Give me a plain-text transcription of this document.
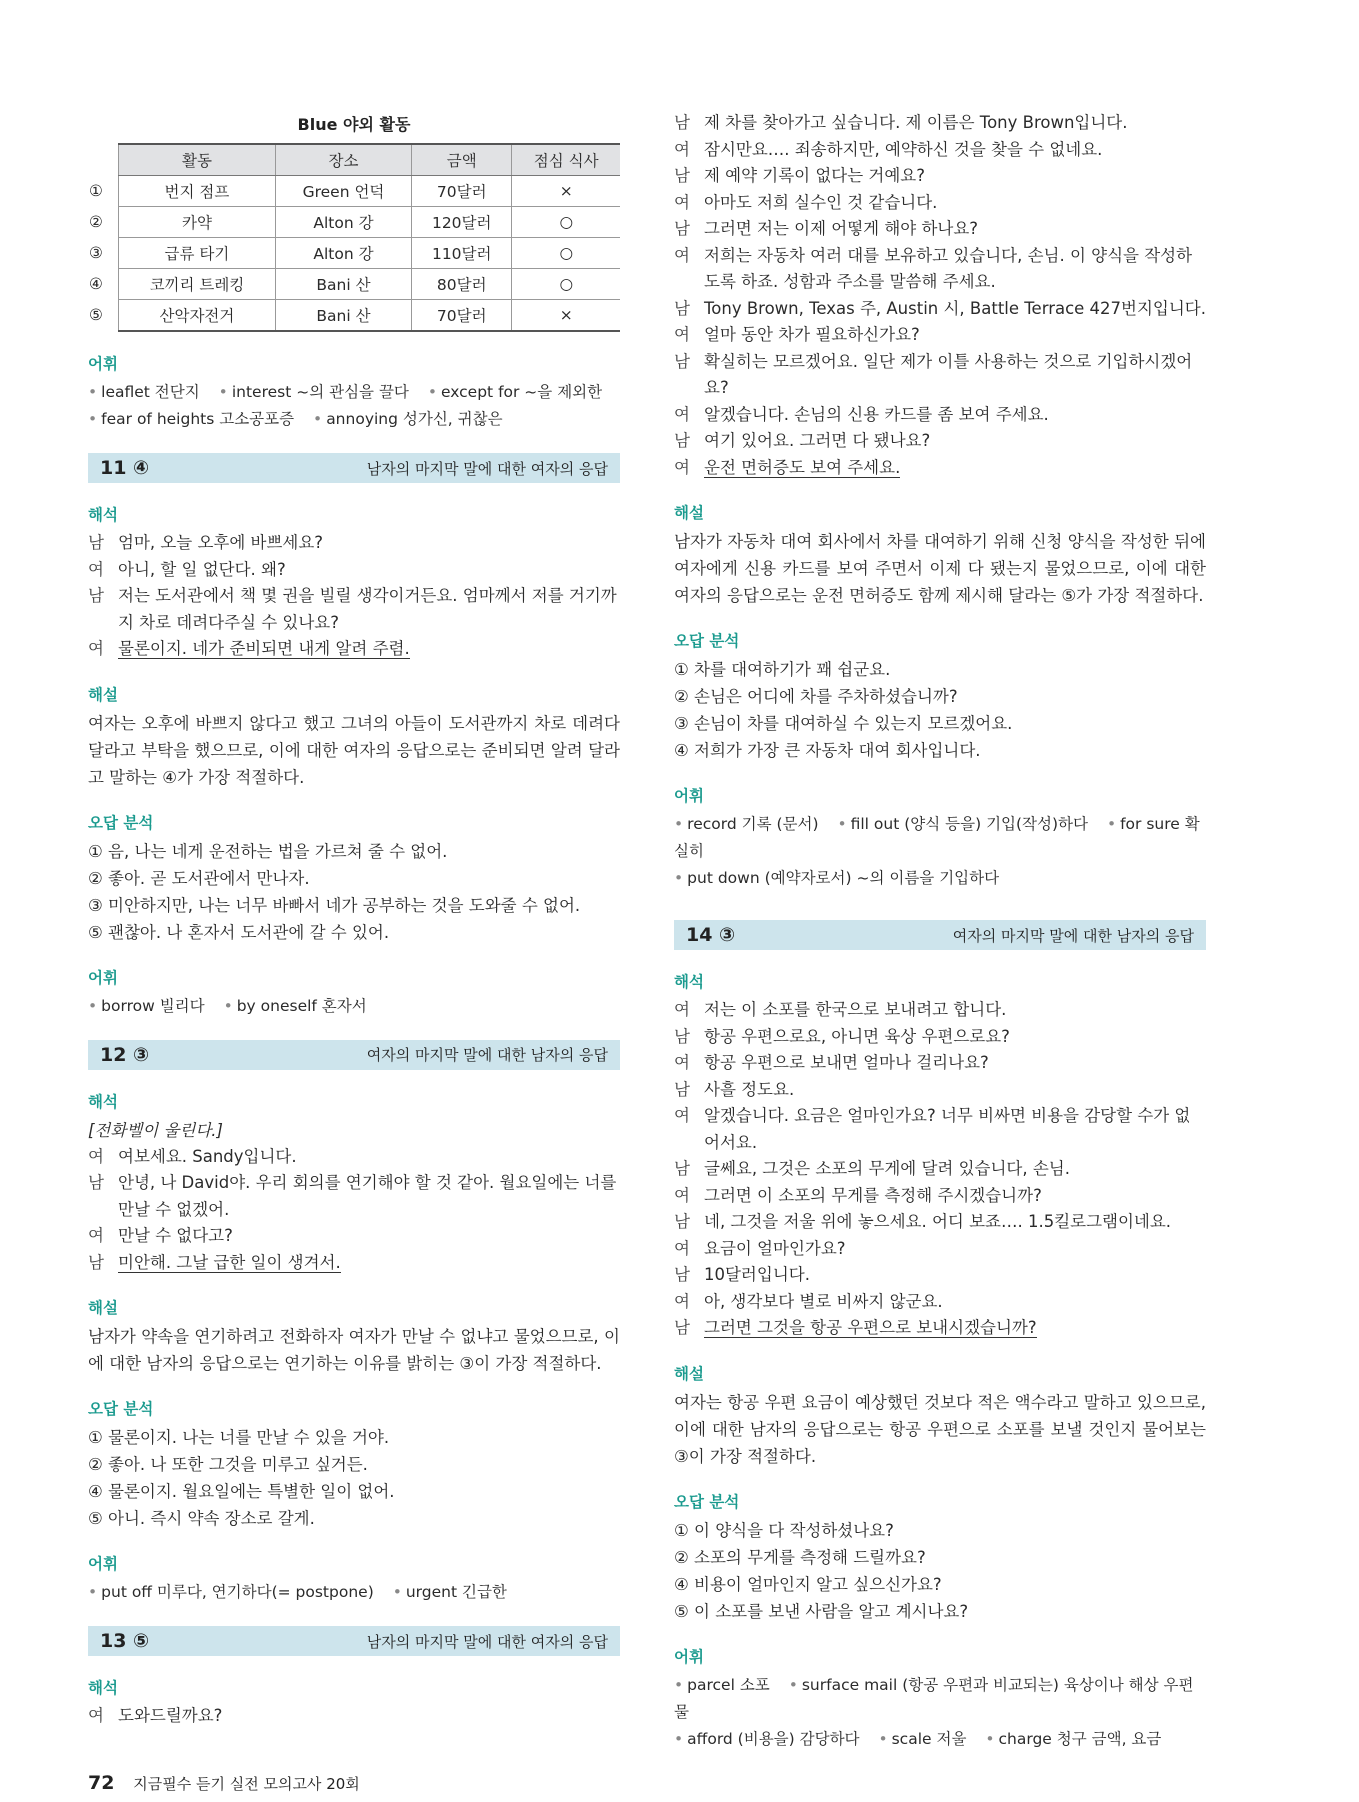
Blue 야외 활동
	활동	장소	금액	점심 식사
①	번지 점프	Green 언덕	70달러	×
②	카약	Alton 강	120달러	○
③	급류 타기	Alton 강	110달러	○
④	코끼리 트레킹	Bani 산	80달러	○
⑤	산악자전거	Bani 산	70달러	×
어휘
• leaflet 전단지 • interest ~의 관심을 끌다 • except for ~을 제외한
• fear of heights 고소공포증 • annoying 성가신, 귀찮은
11 ④	남자의 마지막 말에 대한 여자의 응답
해석
남 엄마, 오늘 오후에 바쁘세요?
여 아니, 할 일 없단다. 왜?
남 저는 도서관에서 책 몇 권을 빌릴 생각이거든요. 엄마께서 저를 거기까지 차로 데려다주실 수 있나요?
여 물론이지. 네가 준비되면 내게 알려 주렴.
해설
여자는 오후에 바쁘지 않다고 했고 그녀의 아들이 도서관까지 차로 데려다 달라고 부탁을 했으므로, 이에 대한 여자의 응답으로는 준비되면 알려 달라고 말하는 ④가 가장 적절하다.
오답 분석
① 음, 나는 네게 운전하는 법을 가르쳐 줄 수 없어.
② 좋아. 곧 도서관에서 만나자.
③ 미안하지만, 나는 너무 바빠서 네가 공부하는 것을 도와줄 수 없어.
⑤ 괜찮아. 나 혼자서 도서관에 갈 수 있어.
어휘
• borrow 빌리다 • by oneself 혼자서
12 ③	여자의 마지막 말에 대한 남자의 응답
해석
[전화벨이 울린다.]
여 여보세요. Sandy입니다.
남 안녕, 나 David야. 우리 회의를 연기해야 할 것 같아. 월요일에는 너를 만날 수 없겠어.
여 만날 수 없다고?
남 미안해. 그날 급한 일이 생겨서.
해설
남자가 약속을 연기하려고 전화하자 여자가 만날 수 없냐고 물었으므로, 이에 대한 남자의 응답으로는 연기하는 이유를 밝히는 ③이 가장 적절하다.
오답 분석
① 물론이지. 나는 너를 만날 수 있을 거야.
② 좋아. 나 또한 그것을 미루고 싶거든.
④ 물론이지. 월요일에는 특별한 일이 없어.
⑤ 아니. 즉시 약속 장소로 갈게.
어휘
• put off 미루다, 연기하다(= postpone) • urgent 긴급한
13 ⑤	남자의 마지막 말에 대한 여자의 응답
해석
여 도와드릴까요?
남 제 차를 찾아가고 싶습니다. 제 이름은 Tony Brown입니다.
여 잠시만요…. 죄송하지만, 예약하신 것을 찾을 수 없네요.
남 제 예약 기록이 없다는 거예요?
여 아마도 저희 실수인 것 같습니다.
남 그러면 저는 이제 어떻게 해야 하나요?
여 저희는 자동차 여러 대를 보유하고 있습니다, 손님. 이 양식을 작성하도록 하죠. 성함과 주소를 말씀해 주세요.
남 Tony Brown, Texas 주, Austin 시, Battle Terrace 427번지입니다.
여 얼마 동안 차가 필요하신가요?
남 확실히는 모르겠어요. 일단 제가 이틀 사용하는 것으로 기입하시겠어요?
여 알겠습니다. 손님의 신용 카드를 좀 보여 주세요.
남 여기 있어요. 그러면 다 됐나요?
여 운전 면허증도 보여 주세요.
해설
남자가 자동차 대여 회사에서 차를 대여하기 위해 신청 양식을 작성한 뒤에 여자에게 신용 카드를 보여 주면서 이제 다 됐는지 물었으므로, 이에 대한 여자의 응답으로는 운전 면허증도 함께 제시해 달라는 ⑤가 가장 적절하다.
오답 분석
① 차를 대여하기가 꽤 쉽군요.
② 손님은 어디에 차를 주차하셨습니까?
③ 손님이 차를 대여하실 수 있는지 모르겠어요.
④ 저희가 가장 큰 자동차 대여 회사입니다.
어휘
• record 기록 (문서) • fill out (양식 등을) 기입(작성)하다 • for sure 확실히
• put down (예약자로서) ~의 이름을 기입하다
14 ③	여자의 마지막 말에 대한 남자의 응답
해석
여 저는 이 소포를 한국으로 보내려고 합니다.
남 항공 우편으로요, 아니면 육상 우편으로요?
여 항공 우편으로 보내면 얼마나 걸리나요?
남 사흘 정도요.
여 알겠습니다. 요금은 얼마인가요? 너무 비싸면 비용을 감당할 수가 없어서요.
남 글쎄요, 그것은 소포의 무게에 달려 있습니다, 손님.
여 그러면 이 소포의 무게를 측정해 주시겠습니까?
남 네, 그것을 저울 위에 놓으세요. 어디 보죠…. 1.5킬로그램이네요.
여 요금이 얼마인가요?
남 10달러입니다.
여 아, 생각보다 별로 비싸지 않군요.
남 그러면 그것을 항공 우편으로 보내시겠습니까?
해설
여자는 항공 우편 요금이 예상했던 것보다 적은 액수라고 말하고 있으므로, 이에 대한 남자의 응답으로는 항공 우편으로 소포를 보낼 것인지 물어보는 ③이 가장 적절하다.
오답 분석
① 이 양식을 다 작성하셨나요?
② 소포의 무게를 측정해 드릴까요?
④ 비용이 얼마인지 알고 싶으신가요?
⑤ 이 소포를 보낸 사람을 알고 계시나요?
어휘
• parcel 소포 • surface mail (항공 우편과 비교되는) 육상이나 해상 우편물
• afford (비용을) 감당하다 • scale 저울 • charge 청구 금액, 요금
72 지금필수 듣기 실전 모의고사 20회
